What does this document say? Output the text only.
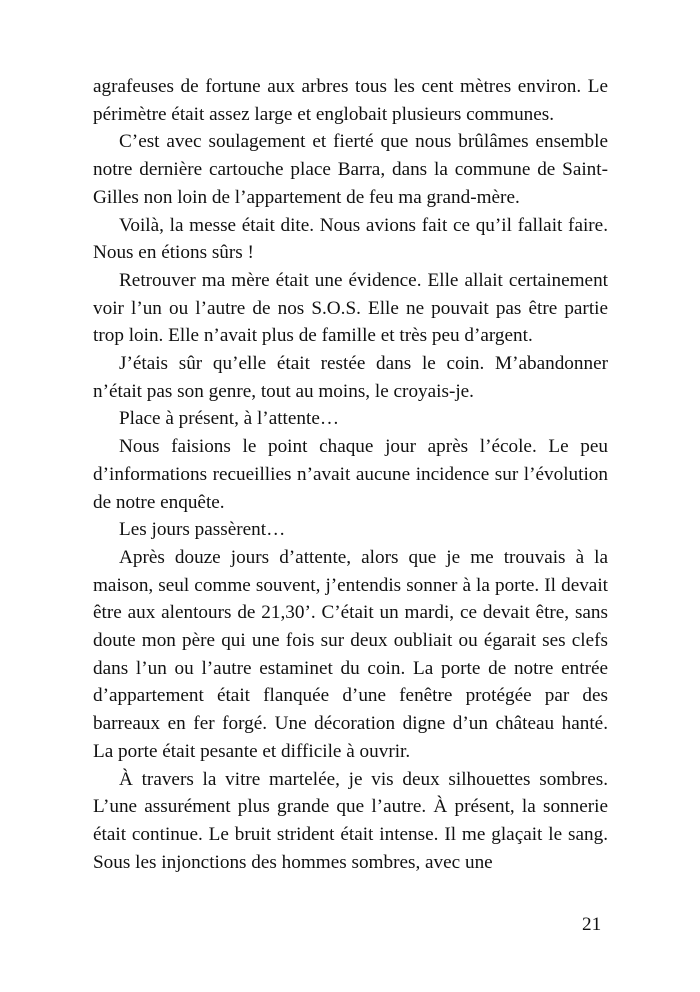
agrafeuses de fortune aux arbres tous les cent mètres environ. Le périmètre était assez large et englobait plusieurs communes.

C’est avec soulagement et fierté que nous brûlâmes ensemble notre dernière cartouche place Barra, dans la commune de Saint-Gilles non loin de l’appartement de feu ma grand-mère.

Voilà, la messe était dite. Nous avions fait ce qu’il fallait faire. Nous en étions sûrs !

Retrouver ma mère était une évidence. Elle allait certainement voir l’un ou l’autre de nos S.O.S. Elle ne pouvait pas être partie trop loin. Elle n’avait plus de famille et très peu d’argent.

J’étais sûr qu’elle était restée dans le coin. M’abandonner n’était pas son genre, tout au moins, le croyais-je.

Place à présent, à l’attente…

Nous faisions le point chaque jour après l’école. Le peu d’informations recueillies n’avait aucune incidence sur l’évolution de notre enquête.

Les jours passèrent…

Après douze jours d’attente, alors que je me trouvais à la maison, seul comme souvent, j’entendis sonner à la porte. Il devait être aux alentours de 21,30’. C’était un mardi, ce devait être, sans doute mon père qui une fois sur deux oubliait ou égarait ses clefs dans l’un ou l’autre estaminet du coin. La porte de notre entrée d’appartement était flanquée d’une fenêtre protégée par des barreaux en fer forgé. Une décoration digne d’un château hanté. La porte était pesante et difficile à ouvrir.

À travers la vitre martelée, je vis deux silhouettes sombres. L’une assurément plus grande que l’autre. À présent, la sonnerie était continue. Le bruit strident était intense. Il me glaçait le sang. Sous les injonctions des hommes sombres, avec une

21
